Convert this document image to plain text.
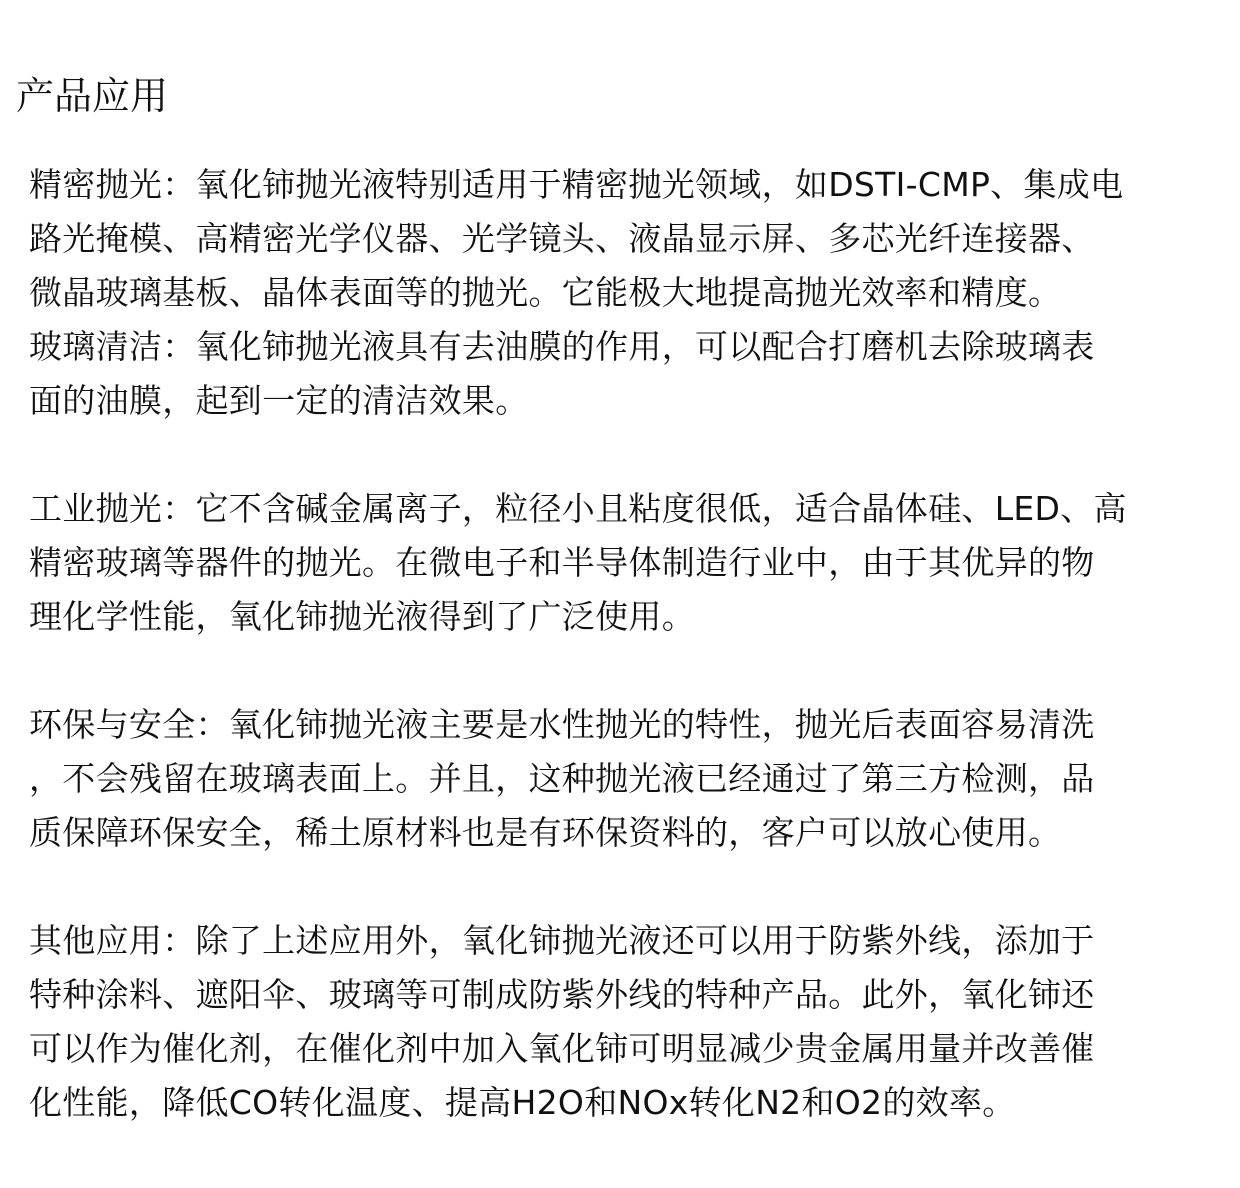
产品应用

精密抛光：氧化铈抛光液特别适用于精密抛光领域，如DSTI-CMP、集成电
路光掩模、高精密光学仪器、光学镜头、液晶显示屏、多芯光纤连接器、
微晶玻璃基板、晶体表面等的抛光。它能极大地提高抛光效率和精度。

玻璃清洁：氧化铈抛光液具有去油膜的作用，可以配合打磨机去除玻璃表
面的油膜，起到一定的清洁效果。

工业抛光：它不含碱金属离子，粒径小且粘度很低，适合晶体硅、LED、高
精密玻璃等器件的抛光。在微电子和半导体制造行业中，由于其优异的物
理化学性能，氧化铈抛光液得到了广泛使用。

环保与安全：氧化铈抛光液主要是水性抛光的特性，抛光后表面容易清洗
，不会残留在玻璃表面上。并且，这种抛光液已经通过了第三方检测，品
质保障环保安全，稀土原材料也是有环保资料的，客户可以放心使用。

其他应用：除了上述应用外，氧化铈抛光液还可以用于防紫外线，添加于
特种涂料、遮阳伞、玻璃等可制成防紫外线的特种产品。此外，氧化铈还
可以作为催化剂，在催化剂中加入氧化铈可明显减少贵金属用量并改善催
化性能，降低CO转化温度、提高H2O和NOx转化N2和O2的效率。
